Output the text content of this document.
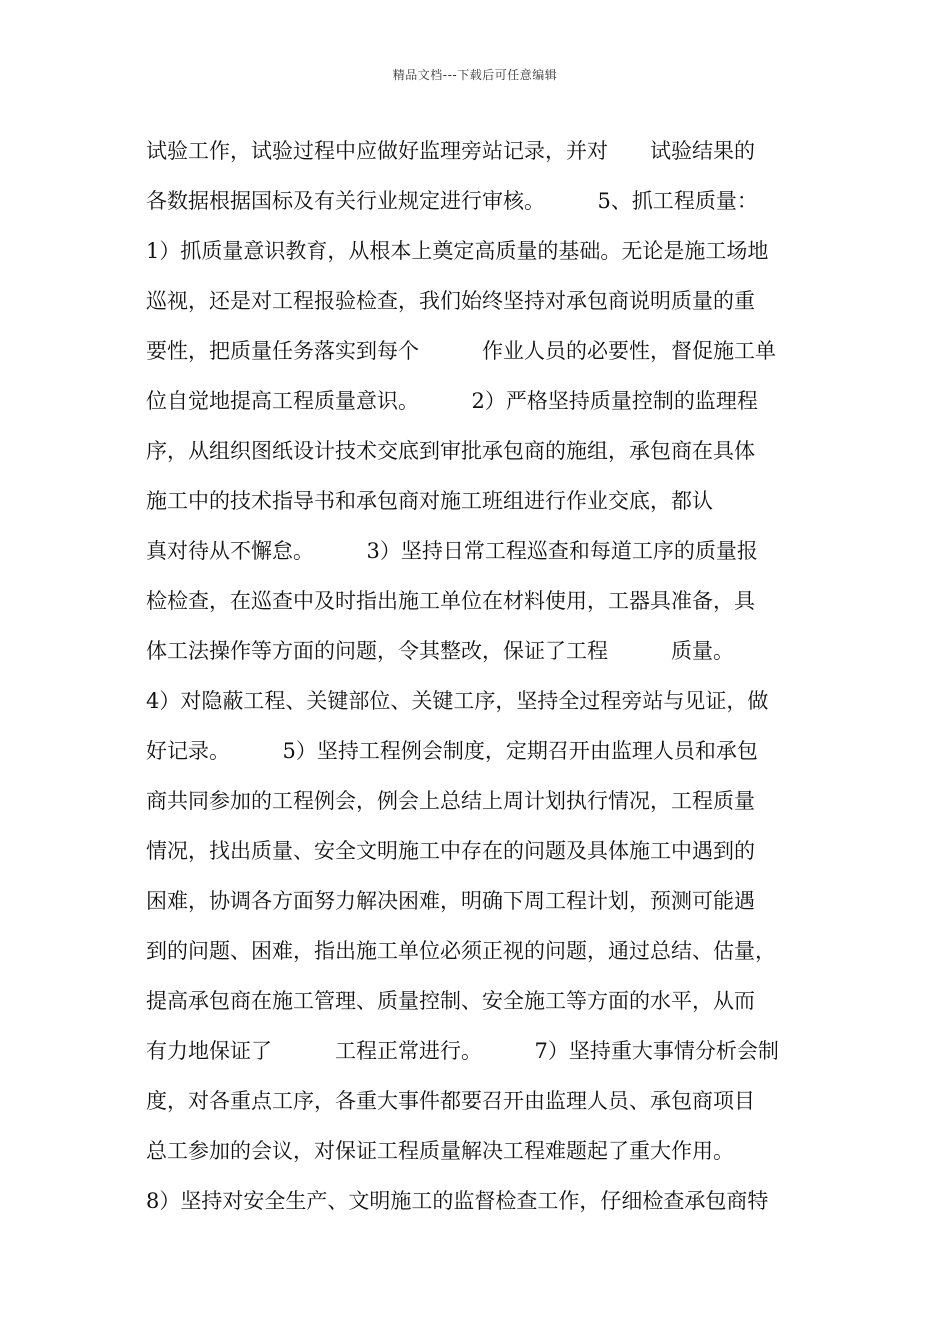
精品文档---下载后可任意编辑
试验工作，试验过程中应做好监理旁站记录，并对　　试验结果的
各数据根据国标及有关行业规定进行审核。　　　5、抓工程质量：
1）抓质量意识教育，从根本上奠定高质量的基础。无论是施工场地
巡视，还是对工程报验检查，我们始终坚持对承包商说明质量的重
要性，把质量任务落实到每个　　　作业人员的必要性，督促施工单
位自觉地提高工程质量意识。　　　2）严格坚持质量控制的监理程
序，从组织图纸设计技术交底到审批承包商的施组，承包商在具体
施工中的技术指导书和承包商对施工班组进行作业交底，都认
真对待从不懈怠。　　　3）坚持日常工程巡查和每道工序的质量报
检检查，在巡查中及时指出施工单位在材料使用，工器具准备，具
体工法操作等方面的问题，令其整改，保证了工程　　　质量。
4）对隐蔽工程、关键部位、关键工序，坚持全过程旁站与见证，做
好记录。　　　5）坚持工程例会制度，定期召开由监理人员和承包
商共同参加的工程例会，例会上总结上周计划执行情况，工程质量
情况，找出质量、安全文明施工中存在的问题及具体施工中遇到的
困难，协调各方面努力解决困难，明确下周工程计划，预测可能遇
到的问题、困难，指出施工单位必须正视的问题，通过总结、估量，
提高承包商在施工管理、质量控制、安全施工等方面的水平，从而
有力地保证了　　　工程正常进行。　　　7）坚持重大事情分析会制
度，对各重点工序，各重大事件都要召开由监理人员、承包商项目
总工参加的会议，对保证工程质量解决工程难题起了重大作用。
8）坚持对安全生产、文明施工的监督检查工作，仔细检查承包商特
